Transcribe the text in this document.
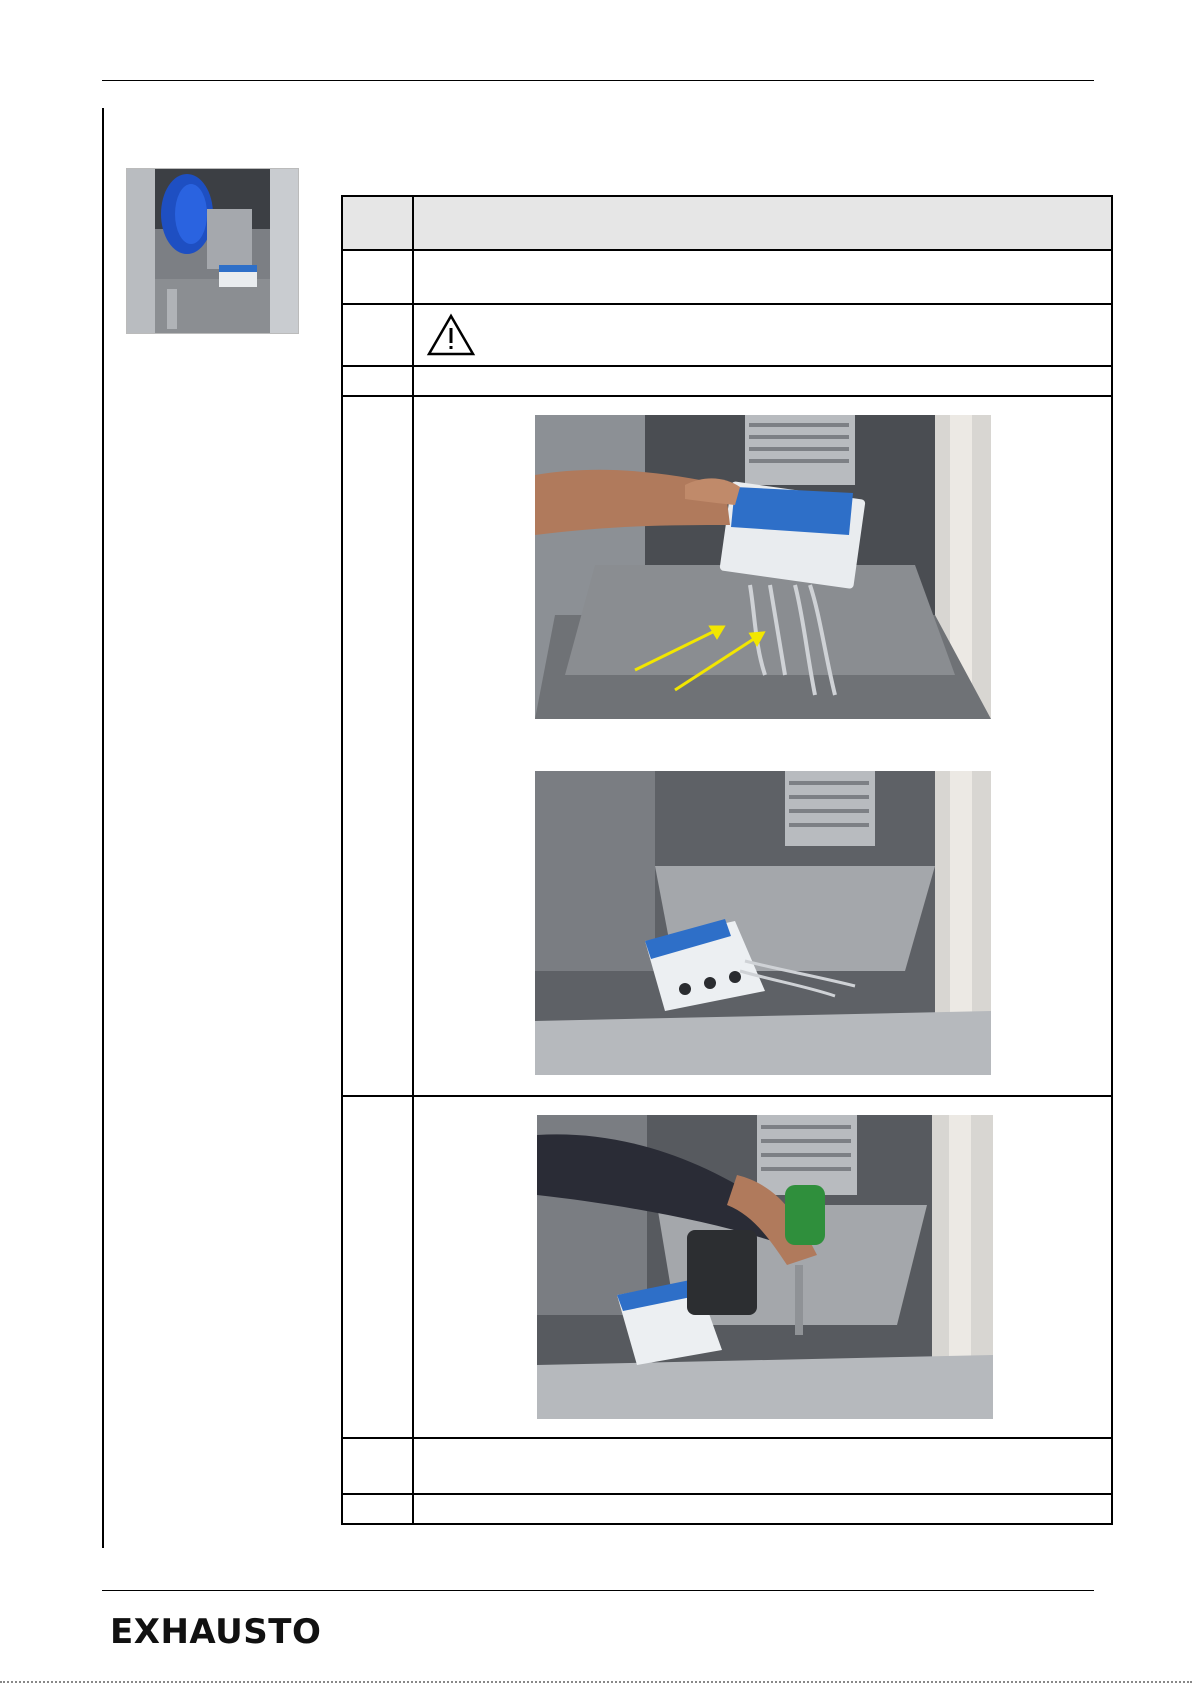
EXHAUSTO
